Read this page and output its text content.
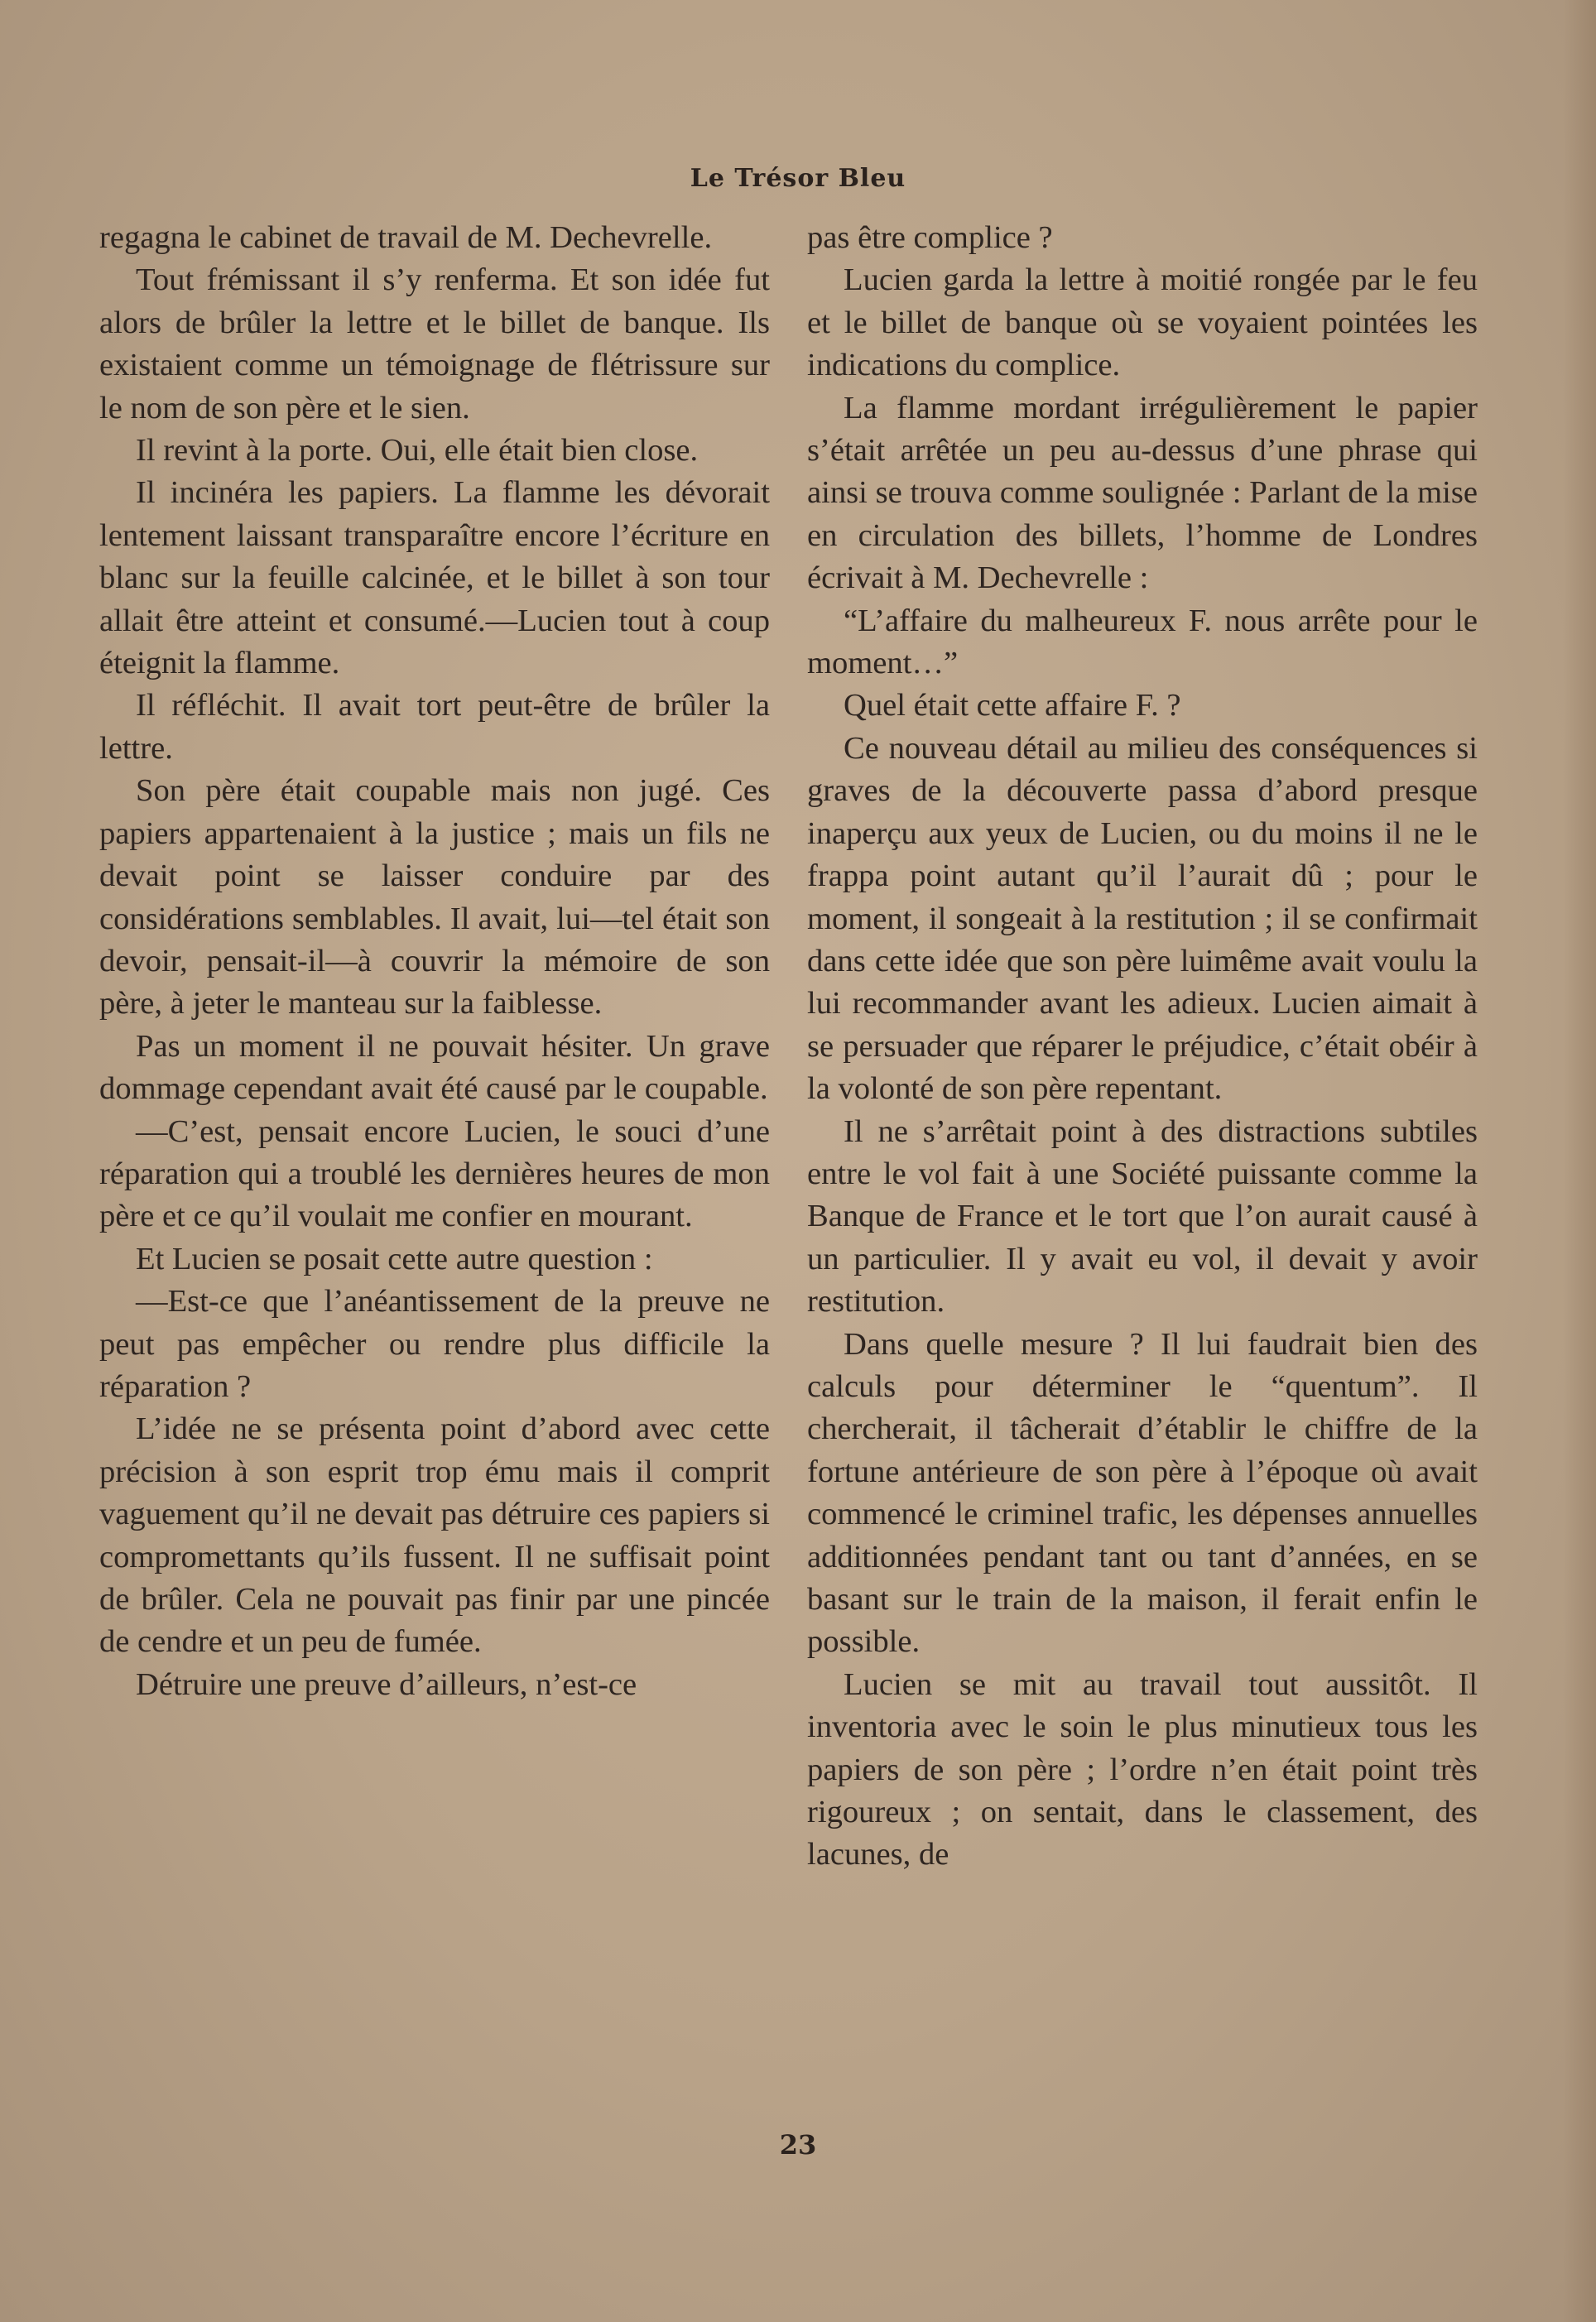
Le Trésor Bleu

regagna le cabinet de travail de M. Dechevrelle.

Tout frémissant il s’y renferma. Et son idée fut alors de brûler la lettre et le billet de banque. Ils existaient comme un témoignage de flétrissure sur le nom de son père et le sien.

Il revint à la porte. Oui, elle était bien close.

Il incinéra les papiers. La flamme les dévorait lentement laissant transparaître encore l’écriture en blanc sur la feuille calcinée, et le billet à son tour allait être atteint et consumé.—Lucien tout à coup éteignit la flamme.

Il réfléchit. Il avait tort peut-être de brûler la lettre.

Son père était coupable mais non jugé. Ces papiers appartenaient à la justice ; mais un fils ne devait point se laisser conduire par des considérations semblables. Il avait, lui—tel était son devoir, pensait-il—à couvrir la mémoire de son père, à jeter le manteau sur la faiblesse.

Pas un moment il ne pouvait hésiter. Un grave dommage cependant avait été causé par le coupable.

—C’est, pensait encore Lucien, le souci d’une réparation qui a troublé les dernières heures de mon père et ce qu’il voulait me confier en mourant.

Et Lucien se posait cette autre question :

—Est-ce que l’anéantissement de la preuve ne peut pas empêcher ou rendre plus difficile la réparation ?

L’idée ne se présenta point d’abord avec cette précision à son esprit trop ému mais il comprit vaguement qu’il ne devait pas détruire ces papiers si compromettants qu’ils fussent. Il ne suffisait point de brûler. Cela ne pouvait pas finir par une pincée de cendre et un peu de fumée.

Détruire une preuve d’ailleurs, n’est-ce

pas être complice ?

Lucien garda la lettre à moitié rongée par le feu et le billet de banque où se voyaient pointées les indications du complice.

La flamme mordant irrégulièrement le papier s’était arrêtée un peu au-dessus d’une phrase qui ainsi se trouva comme soulignée : Parlant de la mise en circulation des billets, l’homme de Londres écrivait à M. Dechevrelle :

“L’affaire du malheureux F. nous arrête pour le moment…”

Quel était cette affaire F. ?

Ce nouveau détail au milieu des conséquences si graves de la découverte passa d’abord presque inaperçu aux yeux de Lucien, ou du moins il ne le frappa point autant qu’il l’aurait dû ; pour le moment, il songeait à la restitution ; il se confirmait dans cette idée que son père luimême avait voulu la lui recommander avant les adieux. Lucien aimait à se persuader que réparer le préjudice, c’était obéir à la volonté de son père repentant.

Il ne s’arrêtait point à des distractions subtiles entre le vol fait à une Société puissante comme la Banque de France et le tort que l’on aurait causé à un particulier. Il y avait eu vol, il devait y avoir restitution.

Dans quelle mesure ? Il lui faudrait bien des calculs pour déterminer le “quentum”. Il chercherait, il tâcherait d’établir le chiffre de la fortune antérieure de son père à l’époque où avait commencé le criminel trafic, les dépenses annuelles additionnées pendant tant ou tant d’années, en se basant sur le train de la maison, il ferait enfin le possible.

Lucien se mit au travail tout aussitôt. Il inventoria avec le soin le plus minutieux tous les papiers de son père ; l’ordre n’en était point très rigoureux ; on sentait, dans le classement, des lacunes, de

23
